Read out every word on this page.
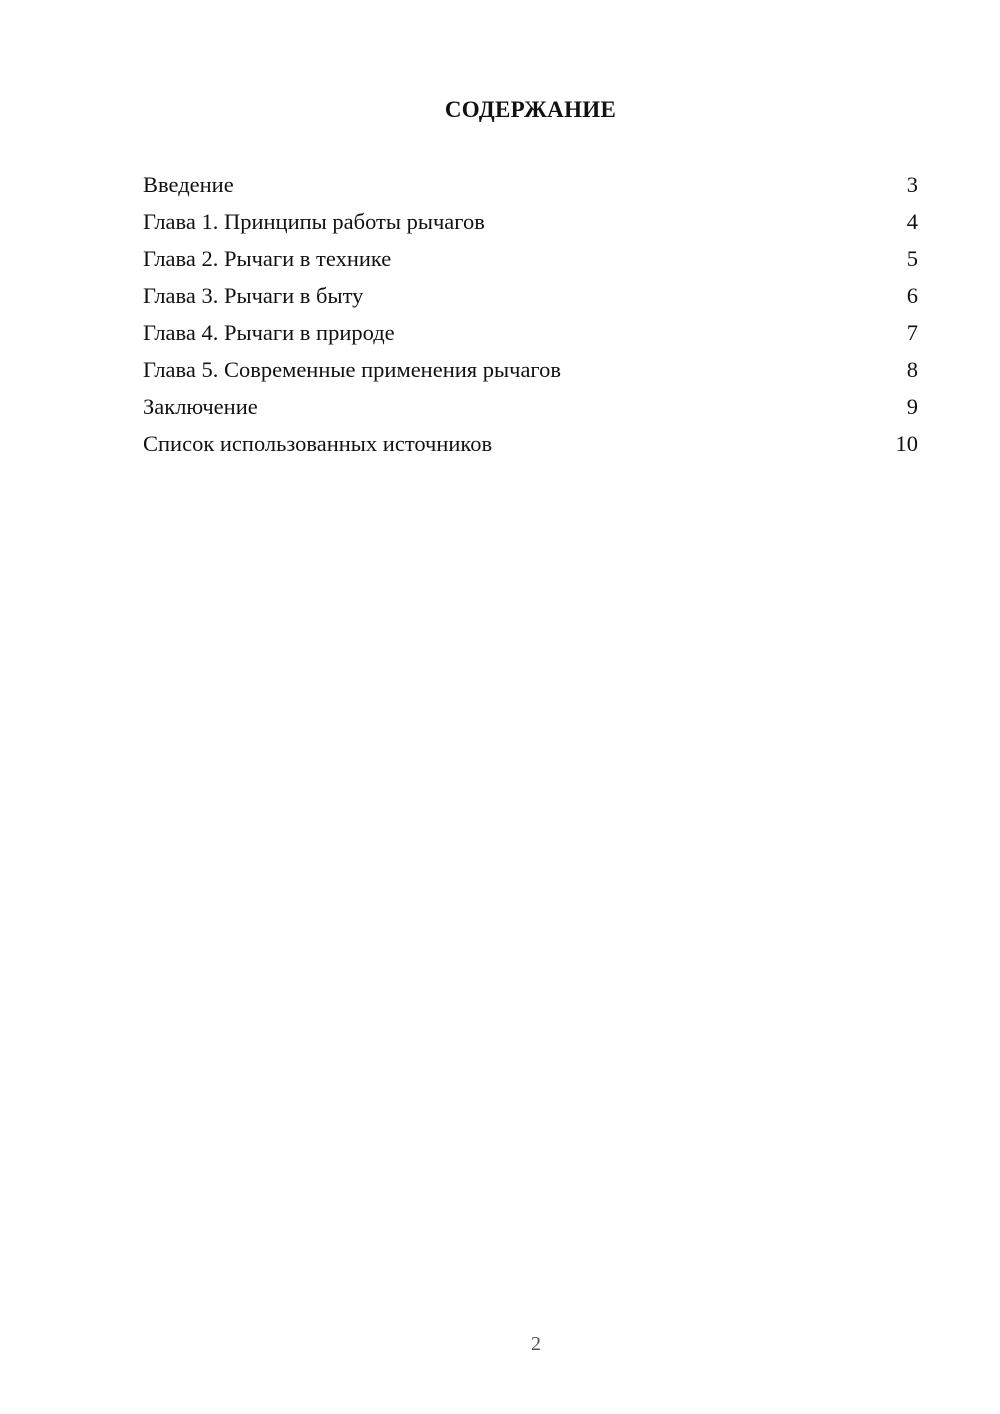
СОДЕРЖАНИЕ
Введение	3
Глава 1. Принципы работы рычагов	4
Глава 2. Рычаги в технике	5
Глава 3. Рычаги в быту	6
Глава 4. Рычаги в природе	7
Глава 5. Современные применения рычагов	8
Заключение	9
Список использованных источников	10
2
